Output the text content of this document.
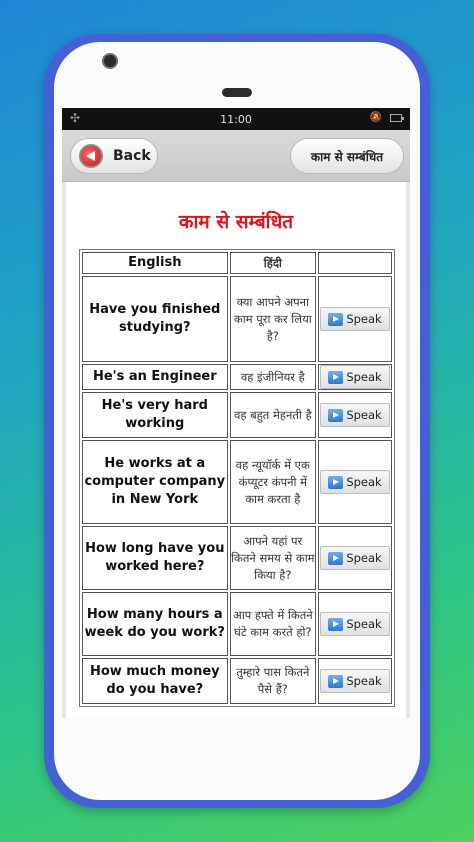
✣	11:00	🔕
Back	काम से सम्बंधित
काम से सम्बंधित
English	हिंदी	
Have you finished studying?	क्या आपने अपना काम पूरा कर लिया है?	Speak

He's an Engineer	वह इंजीनियर है	Speak

He's very hard working	वह बहुत मेहनती है	Speak

He works at a computer company in New York	वह न्यूयॉर्क में एक कंप्यूटर कंपनी में काम करता है	Speak

How long have you worked here?	आपने यहां पर कितने समय से काम किया है?	Speak

How many hours a week do you work?	आप हफ्ते में कितने घंटे काम करते हो?	Speak

How much money do you have?	तुम्हारे पास कितने पैसे हैं?	Speak
